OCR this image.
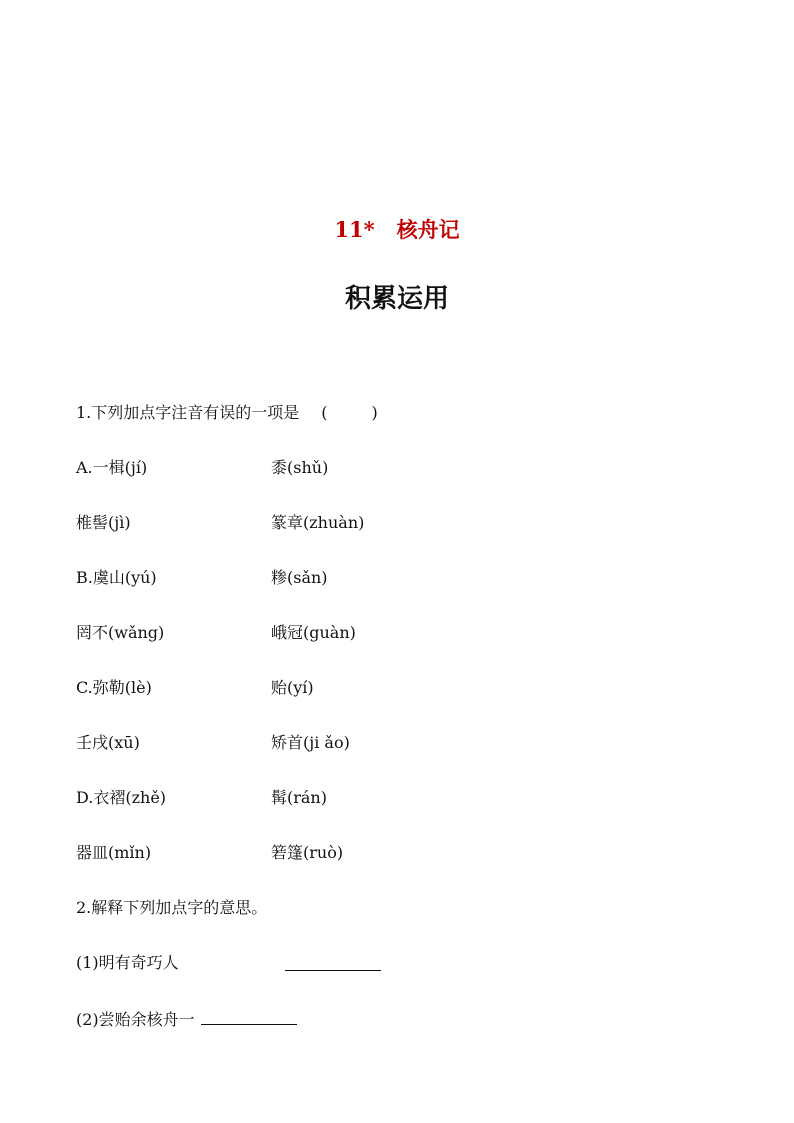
11* 核舟记
积累运用
1.下列加点字注音有误的一项是 (	)
A.一楫(jí)	黍(shǔ)
椎髻(jì)	篆章(zhuàn)
B.虞山(yú)	糁(sǎn)
罔不(wǎng)	峨冠(guàn)
C.弥勒(lè)	贻(yí)
壬戌(xū)	矫首(ji ǎo)
D.衣褶(zhě)	髯(rán)
器皿(mǐn)	箬篷(ruò)
2.解释下列加点字的意思。
(1)明有奇巧人
(2)尝贻余核舟一
